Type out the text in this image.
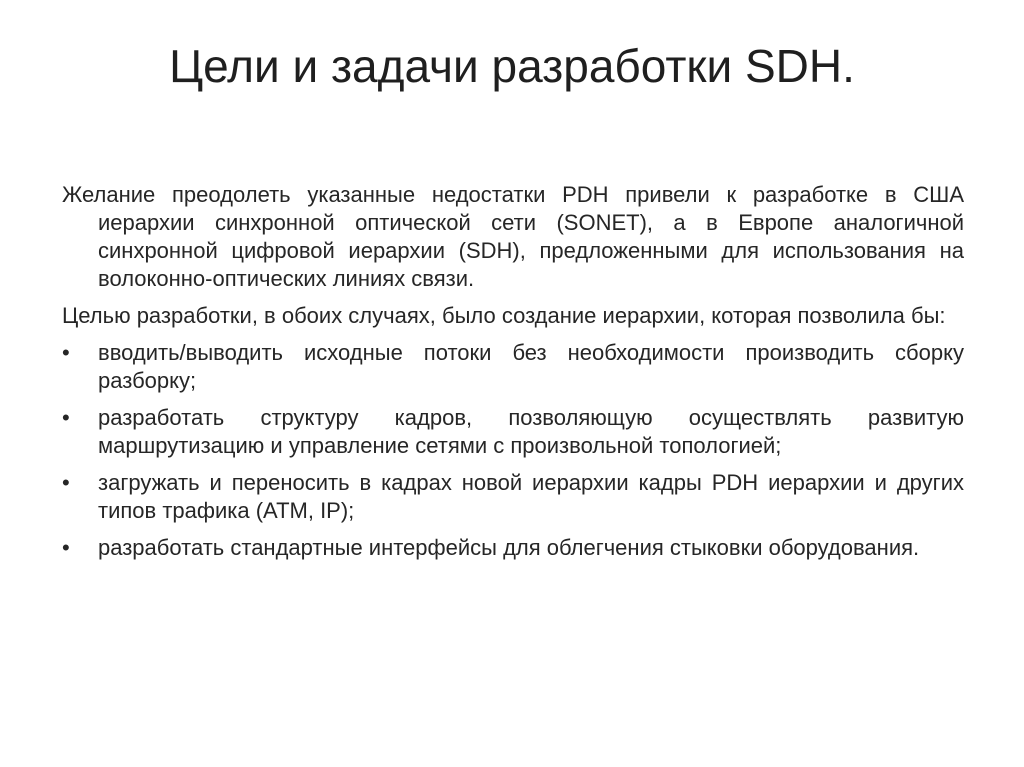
Цели и задачи разработки SDH.

Желание преодолеть указанные недостатки PDH привели к разработке в США иерархии синхронной оптической сети (SONET), а в Европе аналогичной синхронной цифровой иерархии (SDH), предложенными для использования на волоконно-оптических линиях связи.

Целью разработки, в обоих случаях, было создание иерархии, которая позволила бы:

•	вводить/выводить исходные потоки без необходимости производить сборку разборку;
•	разработать структуру кадров, позволяющую осуществлять развитую маршрутизацию и управление сетями с произвольной топологией;
•	загружать и переносить в кадрах новой иерархии кадры PDH иерархии и других типов трафика (ATM, IP);
•	разработать стандартные интерфейсы для облегчения стыковки оборудования.
